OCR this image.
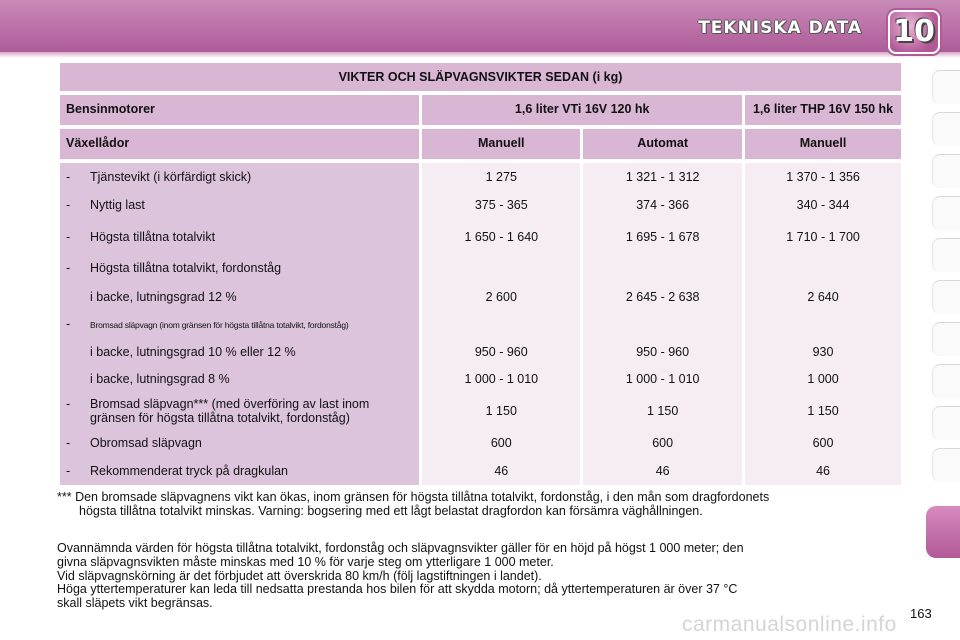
TEKNISKA DATA 10
VIKTER OCH SLÄPVAGNSVIKTER SEDAN (i kg)			

Bensinmotorer	1,6 liter VTi 16V 120 hk		1,6 liter THP 16V 150 hk

Växellådor	Manuell	Automat	Manuell

- Tjänstevikt (i körfärdigt skick)	1 275	1 321 - 1 312	1 370 - 1 356
- Nyttig last	375 - 365	374 - 366	340 - 344
- Högsta tillåtna totalvikt	1 650 - 1 640	1 695 - 1 678	1 710 - 1 700
- Högsta tillåtna totalvikt, fordonståg			
i backe, lutningsgrad 12 %	2 600	2 645 - 2 638	2 640
- Bromsad släpvagn (inom gränsen för högsta tillåtna totalvikt, fordonståg)			
i backe, lutningsgrad 10 % eller 12 %	950 - 960	950 - 960	930
i backe, lutningsgrad 8 %	1 000 - 1 010	1 000 - 1 010	1 000
- Bromsad släpvagn*** (med överföring av last inom
gränsen för högsta tillåtna totalvikt, fordonståg)	1 150	1 150	1 150
- Obromsad släpvagn	600	600	600
- Rekommenderat tryck på dragkulan	46	46	46
*** Den bromsade släpvagnens vikt kan ökas, inom gränsen för högsta tillåtna totalvikt, fordonståg, i den mån som dragfordonets
högsta tillåtna totalvikt minskas. Varning: bogsering med ett lågt belastat dragfordon kan försämra väghållningen.
Ovannämnda värden för högsta tillåtna totalvikt, fordonståg och släpvagnsvikter gäller för en höjd på högst 1 000 meter; den
givna släpvagnsvikten måste minskas med 10 % för varje steg om ytterligare 1 000 meter.
Vid släpvagnskörning är det förbjudet att överskrida 80 km/h (följ lagstiftningen i landet).
Höga yttertemperaturer kan leda till nedsatta prestanda hos bilen för att skydda motorn; då yttertemperaturen är över 37 °C
skall släpets vikt begränsas.
carmanualsonline.info 163
